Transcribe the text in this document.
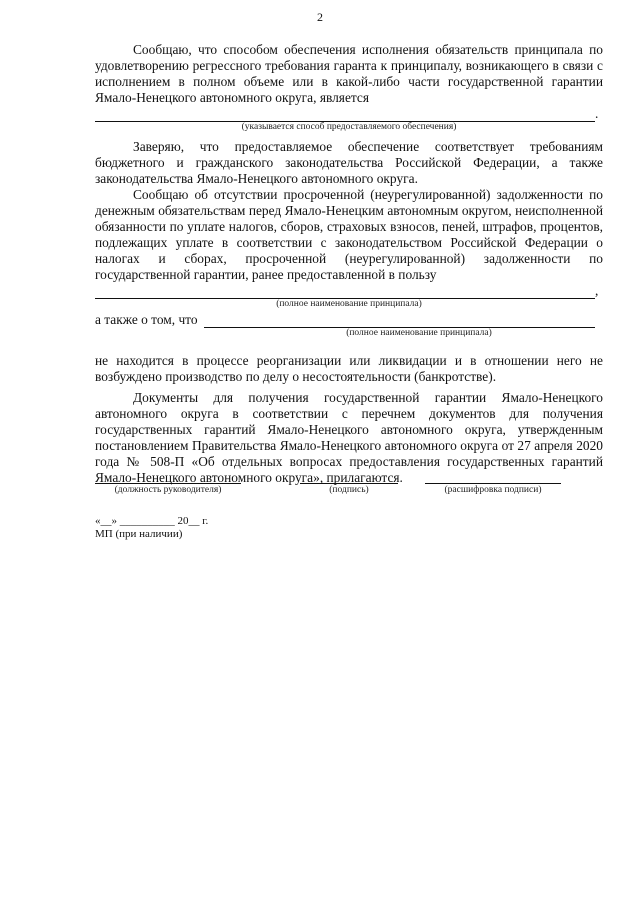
2

Сообщаю, что способом обеспечения исполнения обязательств принципала по удовлетворению регрессного требования гаранта к принципалу, возникающего в связи с исполнением в полном объеме или в какой-либо части государственной гарантии Ямало-Ненецкого автономного округа, является

.
(указывается способ предоставляемого обеспечения)

Заверяю, что предоставляемое обеспечение соответствует требованиям бюджетного и гражданского законодательства Российской Федерации, а также законодательства Ямало-Ненецкого автономного округа.

Сообщаю об отсутствии просроченной (неурегулированной) задолженности по денежным обязательствам перед Ямало-Ненецким автономным округом, неисполненной обязанности по уплате налогов, сборов, страховых взносов, пеней, штрафов, процентов, подлежащих уплате в соответствии с законодательством Российской Федерации о налогах и сборах, просроченной (неурегулированной) задолженности по государственной гарантии, ранее предоставленной в пользу

,
(полное наименование принципала)
а также о том, что
(полное наименование принципала)

не находится в процессе реорганизации или ликвидации и в отношении него не возбуждено производство по делу о несостоятельности (банкротстве).

Документы для получения государственной гарантии Ямало-Ненецкого автономного округа в соответствии с перечнем документов для получения государственных гарантий Ямало-Ненецкого автономного округа, утвержденным постановлением Правительства Ямало-Ненецкого автономного округа от 27 апреля 2020 года № 508-П «Об отдельных вопросах предоставления государственных гарантий Ямало-Ненецкого автономного округа», прилагаются.

(должность руководителя)	(подпись)	(расшифровка подписи)
«__» __________ 20__ г.
МП (при наличии)
